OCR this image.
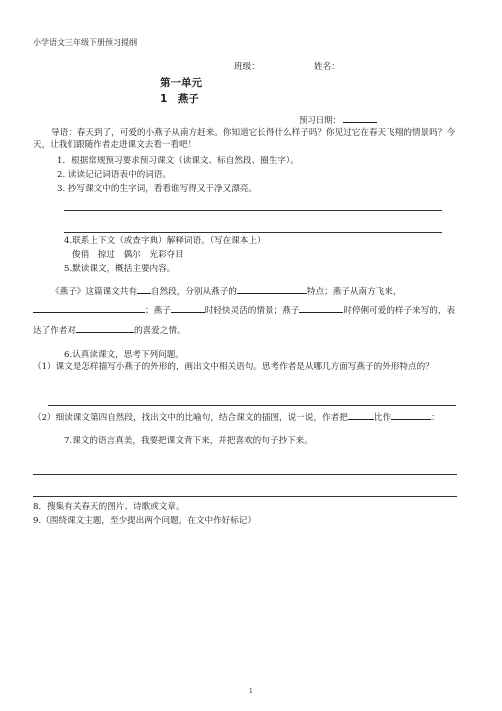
小学语文三年级下册预习提纲
班级：	姓名：
第一单元
1　燕子
预习日期：
导语：春天到了，可爱的小燕子从南方赶来。你知道它长得什么样子吗？你见过它在春天飞翔的情景吗？今天，让我们跟随作者走进课文去看一看吧！
1．根据常规预习要求预习课文（读课文、标自然段、圈生字）。
2. 读读记记词语表中的词语。
3. 抄写课文中的生字词，看看谁写得又干净又漂亮。
4.联系上下文（或查字典）解释词语。（写在课本上）
俊俏　掠过　偶尔　光彩夺目
5.默读课文，概括主要内容。
《燕子》这篇课文共有 自然段，分别从燕子的	特点；燕子从南方飞来，；燕子	时轻快灵活的情景；燕子	时停俐可爱的样子来写的，表达了作者对	的喜爱之情。
6.认真读课文，思考下列问题。
（1）课文是怎样描写小燕子的外形的，画出文中相关语句。思考作者是从哪几方面写燕子的外形特点的？
（2）细读课文第四自然段，找出文中的比喻句，结合课文的插图，说一说，作者把	比作	：
7.课文的语言真美，我要把课文背下来，并把喜欢的句子抄下来。
8．搜集有关春天的图片、诗歌或文章。
9.（围绕课文主题，至少提出两个问题，在文中作好标记）
1
